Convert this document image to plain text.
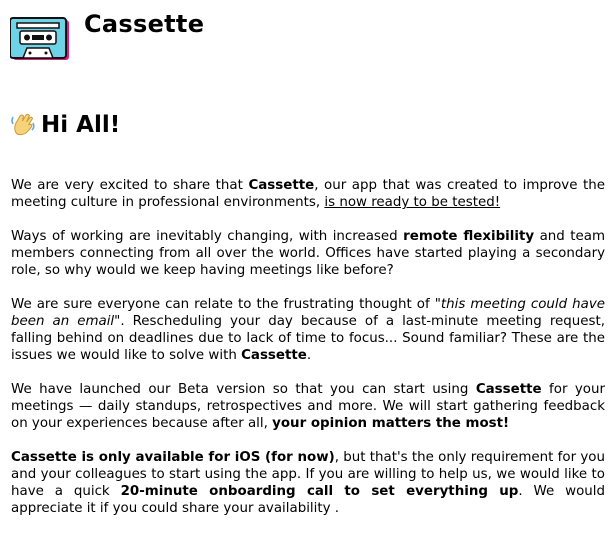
Cassette
Hi All!

We are very excited to share that Cassette, our app that was created to improve the meeting culture in professional environments, is now ready to be tested!

Ways of working are inevitably changing, with increased remote flexibility and team members connecting from all over the world. Offices have started playing a secondary role, so why would we keep having meetings like before?

We are sure everyone can relate to the frustrating thought of "this meeting could have been an email". Rescheduling your day because of a last-minute meeting request, falling behind on deadlines due to lack of time to focus... Sound familiar? These are the issues we would like to solve with Cassette.

We have launched our Beta version so that you can start using Cassette for your meetings — daily standups, retrospectives and more. We will start gathering feedback on your experiences because after all, your opinion matters the most!

Cassette is only available for iOS (for now), but that's the only requirement for you and your colleagues to start using the app. If you are willing to help us, we would like to have a quick 20-minute onboarding call to set everything up. We would appreciate it if you could share your availability .
